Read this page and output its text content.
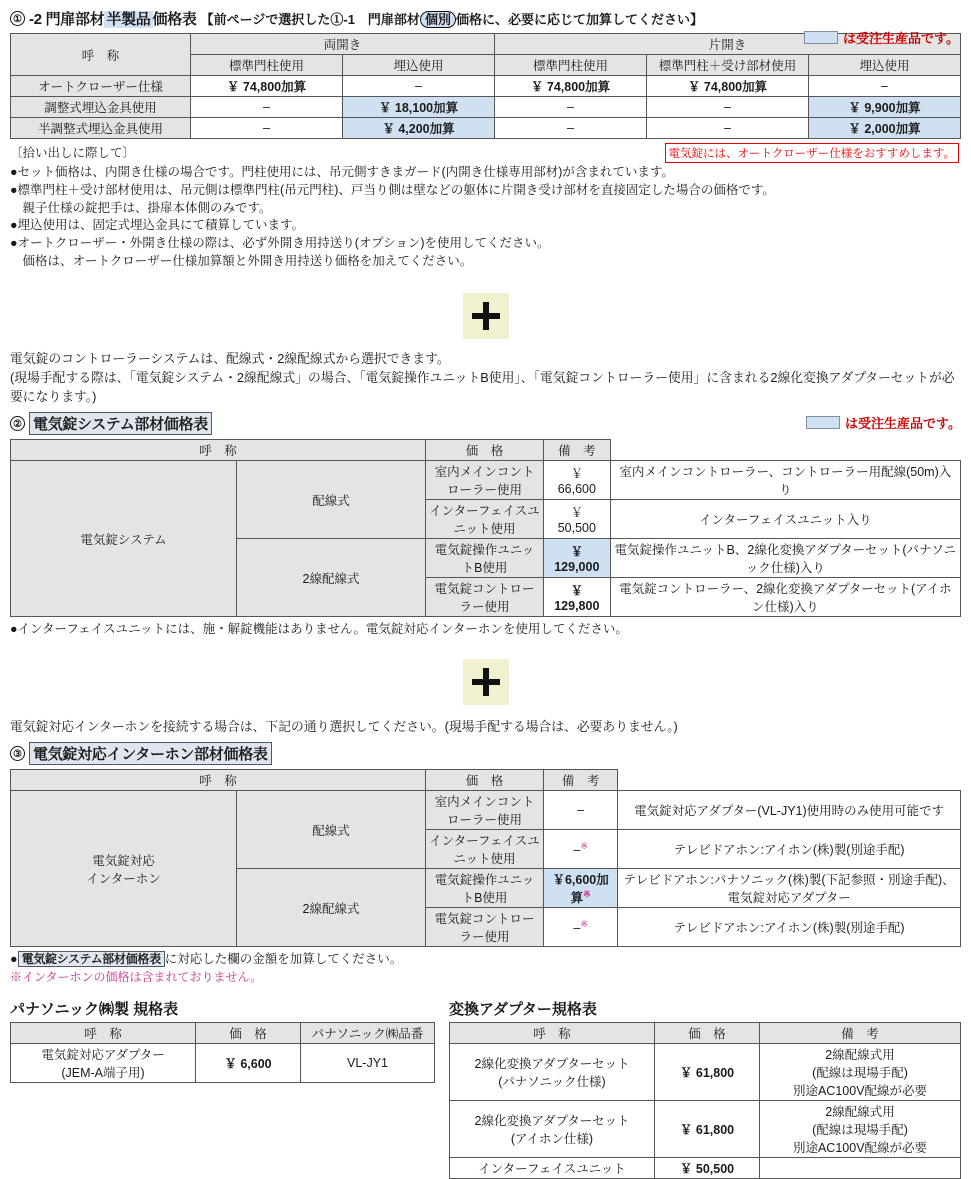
① -2 門扉部材 半製品 価格表 【前ページで選択した①-1　門扉部材 個別 価格に、必要に応じて加算してください】
は受注生産品です。
呼　称	両開き		片開き		
	標準門柱使用	埋込使用	標準門柱使用	標準門柱＋受け部材使用	埋込使用
オートクローザー仕様	￥ 74,800加算	–	￥ 74,800加算	￥ 74,800加算	–
調整式埋込金具使用	–	￥ 18,100加算	–	–	￥ 9,900加算
半調整式埋込金具使用	–	￥ 4,200加算	–	–	￥ 2,000加算
電気錠には、オートクローザー仕様をおすすめします。
〔拾い出しに際して〕
●セット価格は、内開き仕様の場合です。門柱使用には、吊元側すきまガード(内開き仕様専用部材)が含まれています。
●標準門柱＋受け部材使用は、吊元側は標準門柱(吊元門柱)、戸当り側は壁などの躯体に片開き受け部材を直接固定した場合の価格です。
　親子仕様の錠把手は、掛扉本体側のみです。
●埋込使用は、固定式埋込金具にて積算しています。
●オートクローザー・外開き仕様の際は、必ず外開き用持送り(オプション)を使用してください。
　価格は、オートクローザー仕様加算額と外開き用持送り価格を加えてください。
電気錠のコントローラーシステムは、配線式・2線配線式から選択できます。
(現場手配する際は、「電気錠システム・2線配線式」の場合、「電気錠操作ユニットB使用」、「電気錠コントローラー使用」に含まれる2線化変換アダプターセットが必要になります。)
② 電気錠システム部材価格表	は受注生産品です。
呼　称		価　格	備　考	
電気錠システム	配線式	室内メインコントローラー使用	￥　66,600	室内メインコントローラー、コントローラー用配線(50m)入り
		インターフェイスユニット使用	￥　50,500	インターフェイスユニット入り
	2線配線式	電気錠操作ユニットB使用	￥ 129,000	電気錠操作ユニットB、2線化変換アダプターセット(パナソニック仕様)入り
		電気錠コントローラー使用	￥ 129,800	電気錠コントローラー、2線化変換アダプターセット(アイホン仕様)入り
●インターフェイスユニットには、施・解錠機能はありません。電気錠対応インターホンを使用してください。
電気錠対応インターホンを接続する場合は、下記の通り選択してください。(現場手配する場合は、必要ありません。)
③ 電気錠対応インターホン部材価格表
呼　称		価　格	備　考	
電気錠対応
インターホン	配線式	室内メインコントローラー使用	–	電気錠対応アダプター(VL-JY1)使用時のみ使用可能です
		インターフェイスユニット使用	–※	テレビドアホン:アイホン(株)製(別途手配)
	2線配線式	電気錠操作ユニットB使用	￥6,600加算※	テレビドアホン:パナソニック(株)製(下記参照・別途手配)、電気錠対応アダプター
		電気錠コントローラー使用	–※	テレビドアホン:アイホン(株)製(別途手配)
● 電気錠システム部材価格表 に対応した欄の金額を加算してください。
※インターホンの価格は含まれておりません。
パナソニック㈱製 規格表
呼　称	価　格	パナソニック㈱品番
電気錠対応アダプター
(JEM-A端子用)	￥ 6,600	VL-JY1
変換アダプター規格表
呼　称	価　格	備　考
2線化変換アダプターセット
(パナソニック仕様)	￥ 61,800	2線配線式用
(配線は現場手配)
別途AC100V配線が必要
2線化変換アダプターセット
(アイホン仕様)	￥ 61,800	2線配線式用
(配線は現場手配)
別途AC100V配線が必要
インターフェイスユニット	￥ 50,500	
